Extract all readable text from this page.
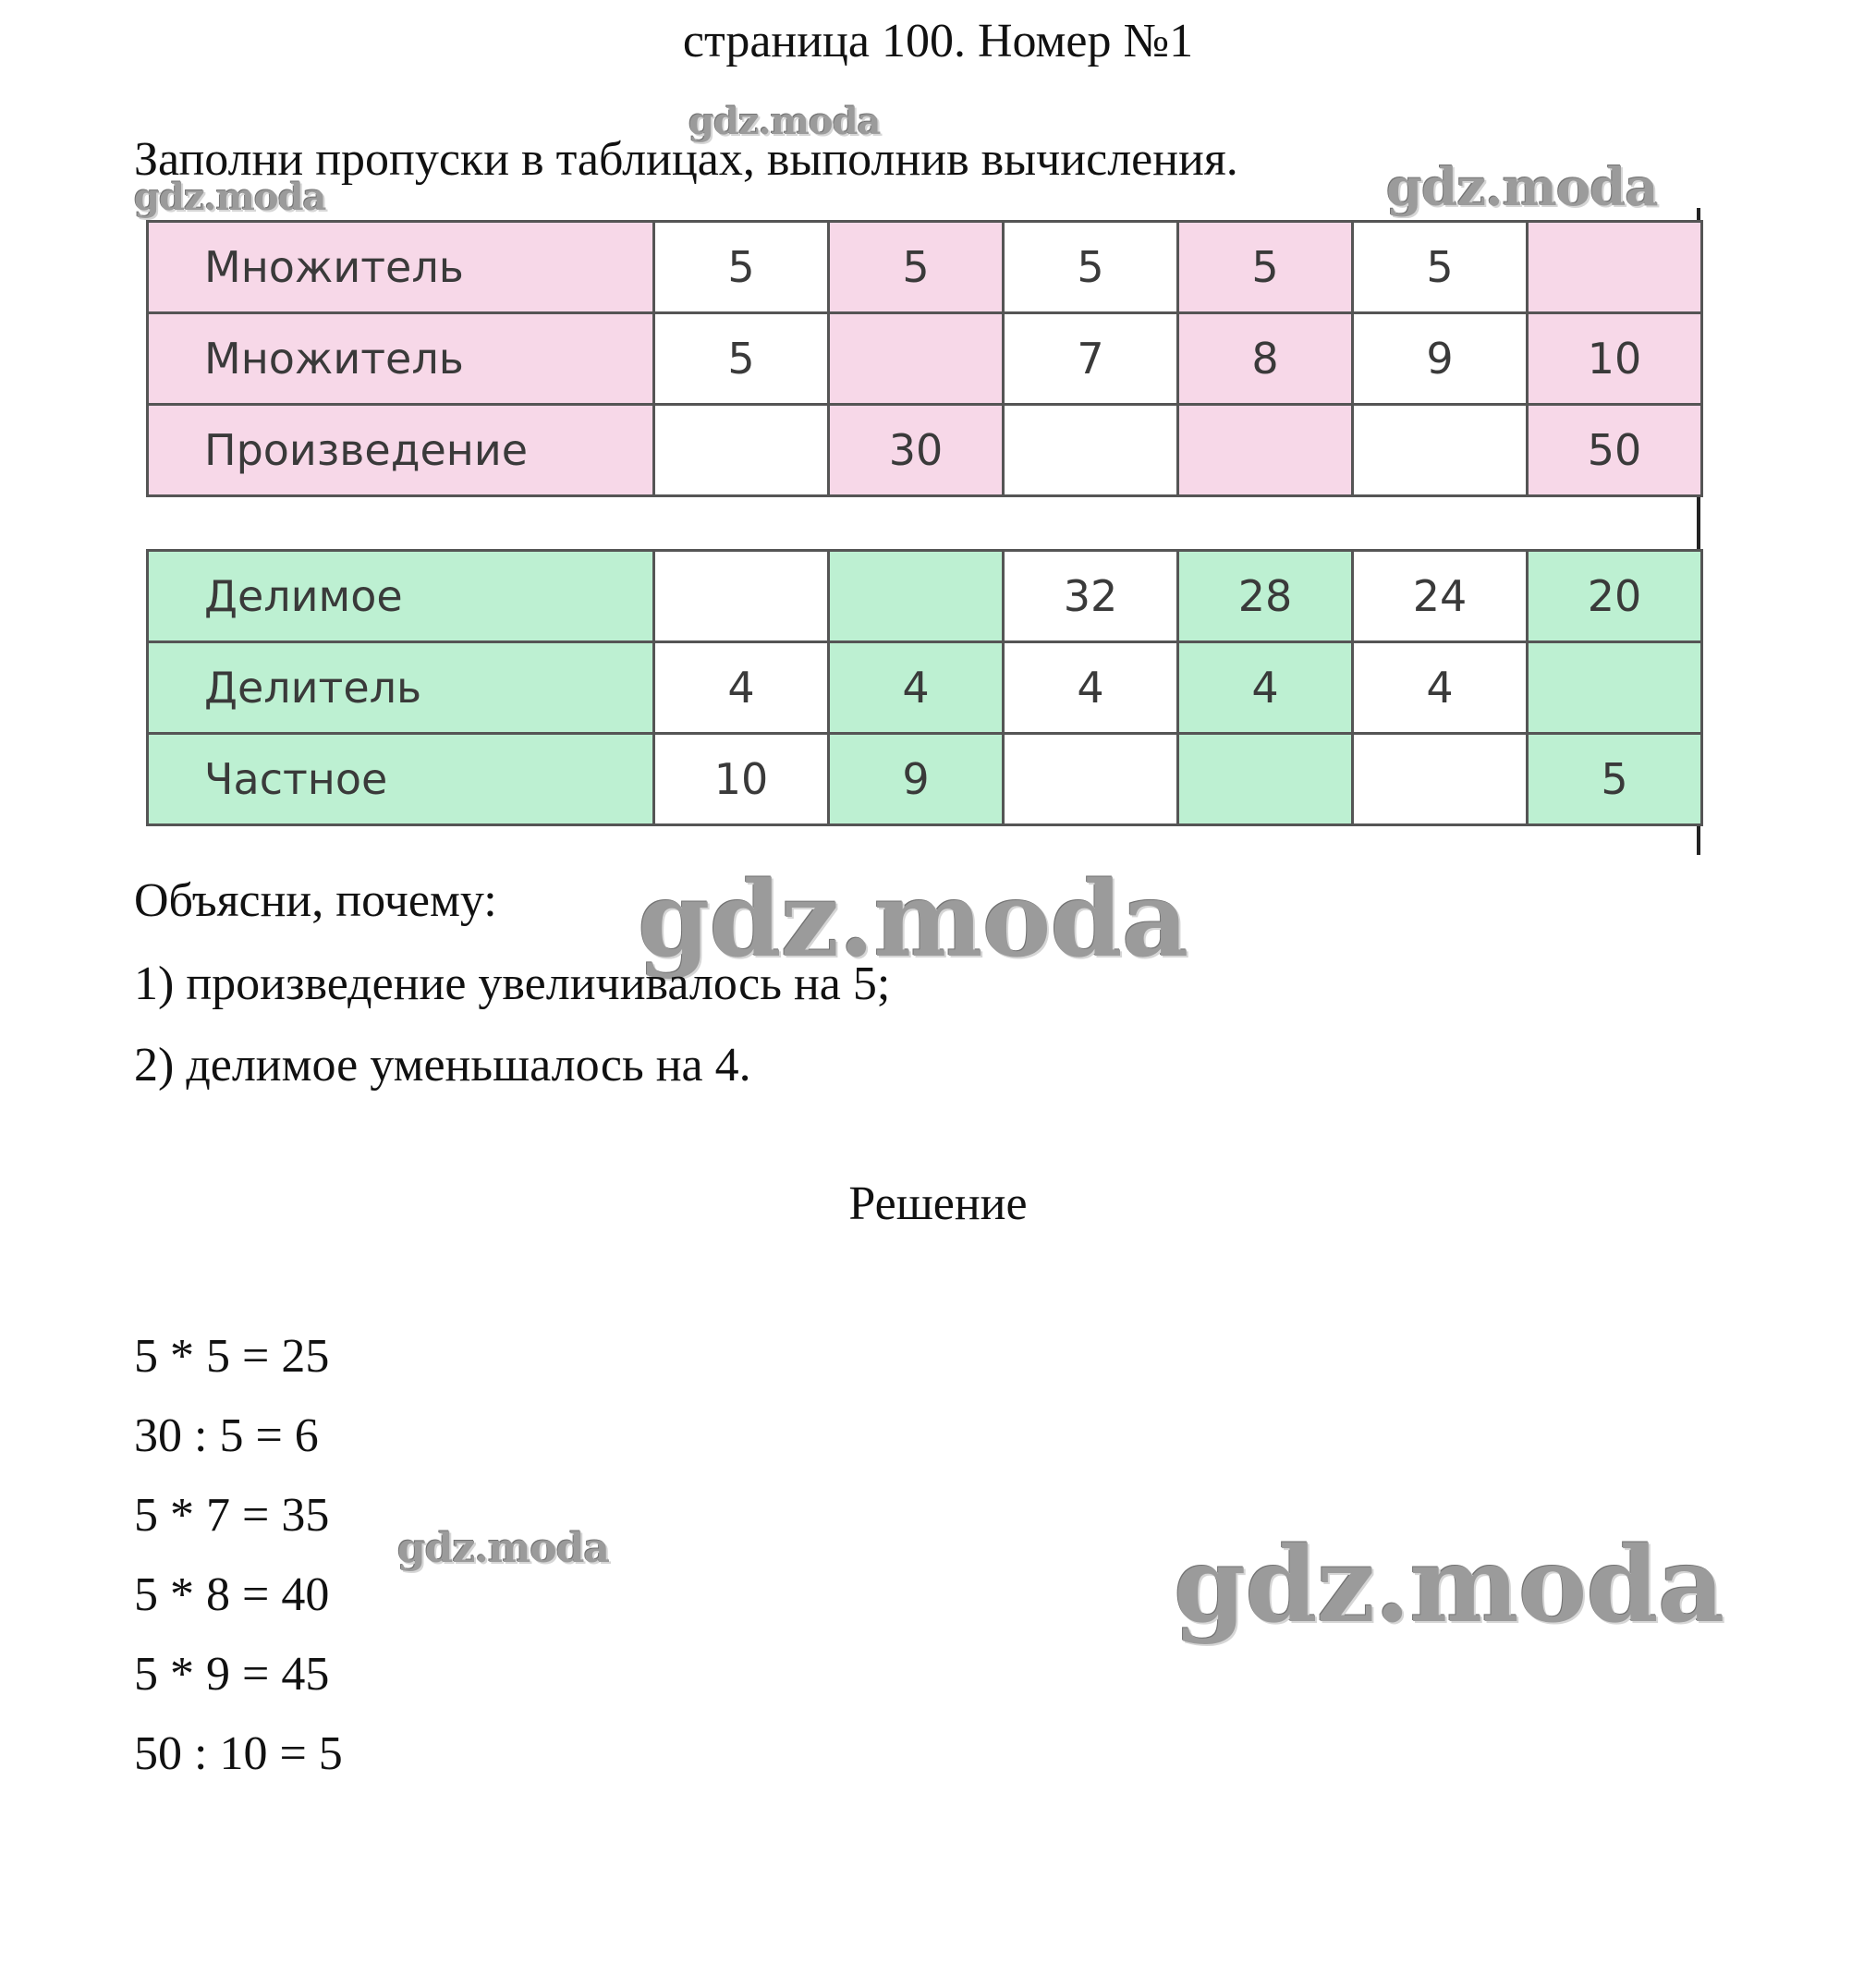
страница 100. Номер №1
Заполни пропуски в таблицах, выполнив вычисления.
gdz.moda
gdz.moda	gdz.moda
Множитель	5	5	5	5	5	
Множитель	5		7	8	9	10
Произведение		30				50
Делимое			32	28	24	20
Делитель	4	4	4	4	4	
Частное	10	9				5
Объясни, почему: gdz.moda
1) произведение увеличивалось на 5;
2) делимое уменьшалось на 4.
Решение
5 * 5 = 25
30 : 5 = 6
5 * 7 = 35
5 * 8 = 40
5 * 9 = 45
50 : 10 = 5
gdz.moda	gdz.moda
